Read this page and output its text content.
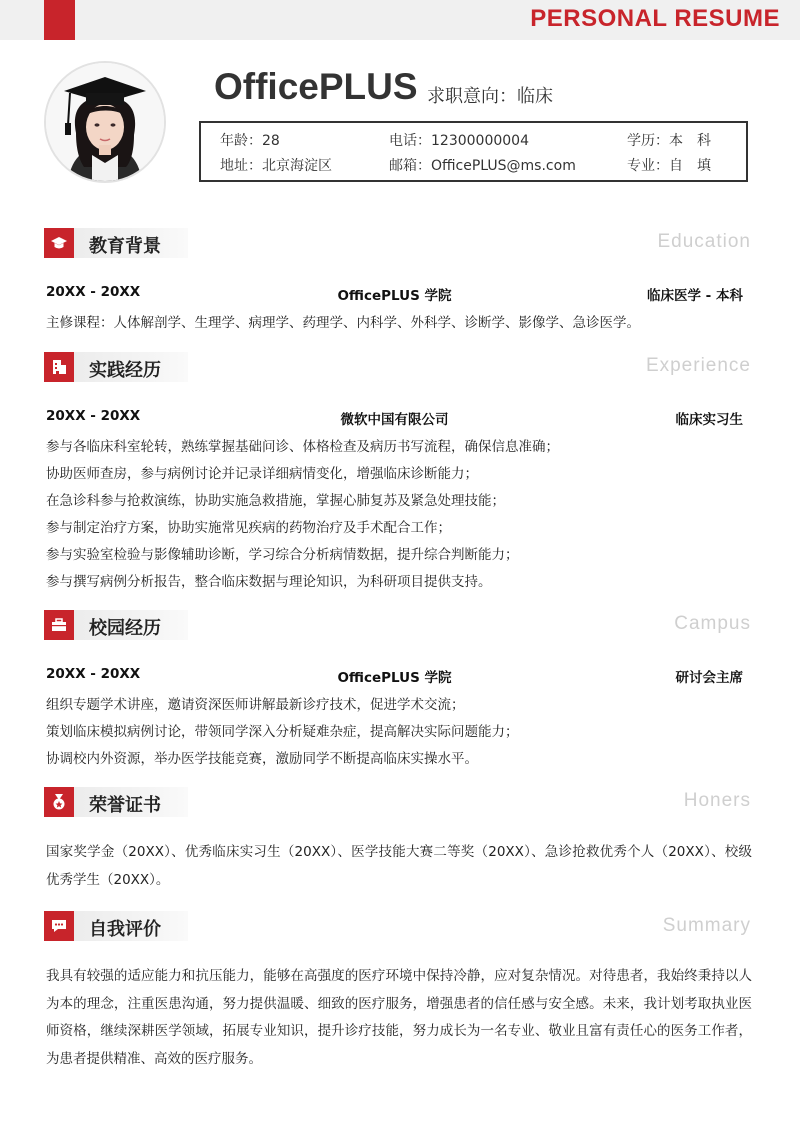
PERSONAL RESUME
OfficePLUS 求职意向：临床
年龄：28	电话：12300000004	学历：本　科
地址：北京海淀区	邮箱：OfficePLUS@ms.com	专业：自　填
教育背景	Education
20XX - 20XX	OfficePLUS 学院	临床医学 - 本科
主修课程：人体解剖学、生理学、病理学、药理学、内科学、外科学、诊断学、影像学、急诊医学。
实践经历	Experience
20XX - 20XX	微软中国有限公司	临床实习生
参与各临床科室轮转，熟练掌握基础问诊、体格检查及病历书写流程，确保信息准确；
协助医师查房，参与病例讨论并记录详细病情变化，增强临床诊断能力；
在急诊科参与抢救演练，协助实施急救措施，掌握心肺复苏及紧急处理技能；
参与制定治疗方案，协助实施常见疾病的药物治疗及手术配合工作；
参与实验室检验与影像辅助诊断，学习综合分析病情数据，提升综合判断能力；
参与撰写病例分析报告，整合临床数据与理论知识，为科研项目提供支持。
校园经历	Campus
20XX - 20XX	OfficePLUS 学院	研讨会主席
组织专题学术讲座，邀请资深医师讲解最新诊疗技术，促进学术交流；
策划临床模拟病例讨论，带领同学深入分析疑难杂症，提高解决实际问题能力；
协调校内外资源，举办医学技能竞赛，激励同学不断提高临床实操水平。
荣誉证书	Honers
国家奖学金（20XX）、优秀临床实习生（20XX）、医学技能大赛二等奖（20XX）、急诊抢救优秀个人（20XX）、校级优秀学生（20XX）。
自我评价	Summary
我具有较强的适应能力和抗压能力，能够在高强度的医疗环境中保持冷静，应对复杂情况。对待患者，我始终秉持以人为本的理念，注重医患沟通，努力提供温暖、细致的医疗服务，增强患者的信任感与安全感。未来，我计划考取执业医师资格，继续深耕医学领域，拓展专业知识，提升诊疗技能，努力成长为一名专业、敬业且富有责任心的医务工作者，为患者提供精准、高效的医疗服务。
